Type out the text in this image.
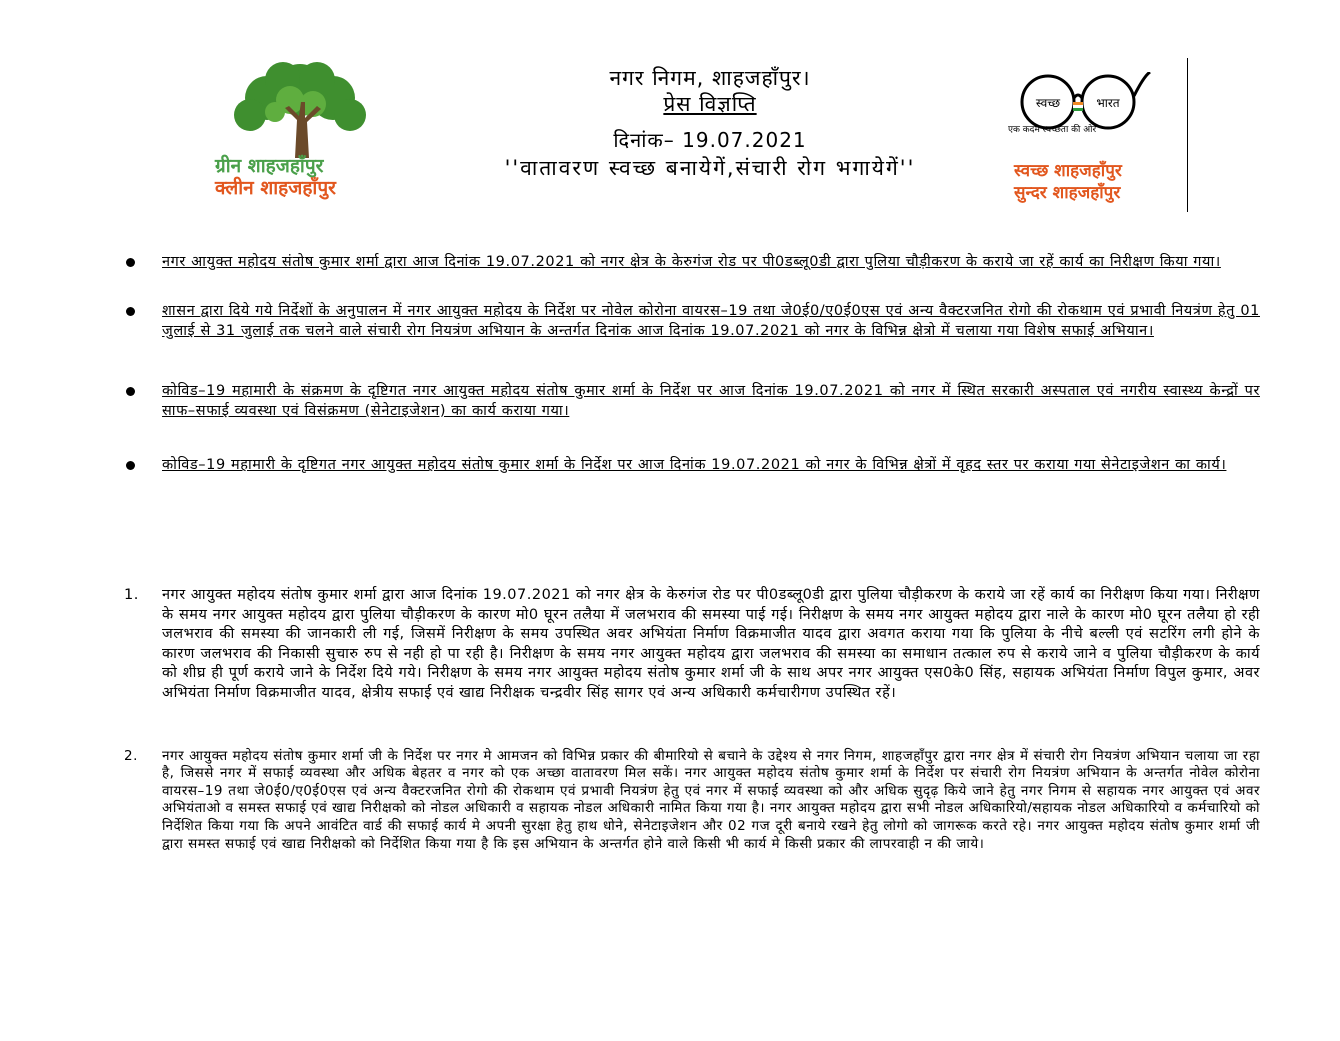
ग्रीन शाहजहाँपुर
क्लीन शाहजहाँपुर
नगर निगम, शाहजहाँपुर।
प्रेस विज्ञप्ति
दिनांक– 19.07.2021
''वातावरण स्वच्छ बनायेगें,संचारी रोग भगायेगें''
स्वच्छ	भारत
एक कदम स्वच्छता की ओर
स्वच्छ शाहजहाँपुर
सुन्दर शाहजहाँपुर
नगर आयुक्त महोदय संतोष कुमार शर्मा द्वारा आज दिनांक 19.07.2021 को नगर क्षेत्र के केरुगंज रोड पर पी0डब्लू0डी द्वारा पुलिया चौड़ीकरण के कराये जा रहें कार्य का निरीक्षण किया गया।
शासन द्वारा दिये गये निर्देशों के अनुपालन में नगर आयुक्त महोदय के निर्देश पर नोवेल कोरोना वायरस–19 तथा जे0ई0/ए0ई0एस एवं अन्य वैक्टरजनित रोगो की रोकथाम एवं प्रभावी नियत्रंण हेतु 01 जुलाई से 31 जुलाई तक चलने वाले संचारी रोग नियत्रंण अभियान के अन्तर्गत दिनांक आज दिनांक 19.07.2021 को नगर के विभिन्न क्षेत्रो में चलाया गया विशेष सफाई अभियान।
कोविड–19 महामारी के संक्रमण के दृष्टिगत नगर आयुक्त महोदय संतोष कुमार शर्मा के निर्देश पर आज दिनांक 19.07.2021 को नगर में स्थित सरकारी अस्पताल एवं नगरीय स्वास्थ्य केन्द्रों पर साफ–सफाई व्यवस्था एवं विसंक्रमण (सेनेटाइजेशन) का कार्य कराया गया।
कोविड–19 महामारी के दृष्टिगत नगर आयुक्त महोदय संतोष कुमार शर्मा के निर्देश पर आज दिनांक 19.07.2021 को नगर के विभिन्न क्षेत्रों में वृहद स्तर पर कराया गया सेनेटाइजेशन का कार्य।
1. नगर आयुक्त महोदय संतोष कुमार शर्मा द्वारा आज दिनांक 19.07.2021 को नगर क्षेत्र के केरुगंज रोड पर पी0डब्लू0डी द्वारा पुलिया चौड़ीकरण के कराये जा रहें कार्य का निरीक्षण किया गया। निरीक्षण के समय नगर आयुक्त महोदय द्वारा पुलिया चौड़ीकरण के कारण मो0 घूरन तलैया में जलभराव की समस्या पाई गई। निरीक्षण के समय नगर आयुक्त महोदय द्वारा नाले के कारण मो0 घूरन तलैया हो रही जलभराव की समस्या की जानकारी ली गई, जिसमें निरीक्षण के समय उपस्थित अवर अभियंता निर्माण विक्रमाजीत यादव द्वारा अवगत कराया गया कि पुलिया के नीचे बल्ली एवं सटरिंग लगी होने के कारण जलभराव की निकासी सुचारु रुप से नही हो पा रही है। निरीक्षण के समय नगर आयुक्त महोदय द्वारा जलभराव की समस्या का समाधान तत्काल रुप से कराये जाने व पुलिया चौड़ीकरण के कार्य को शीघ्र ही पूर्ण कराये जाने के निर्देश दिये गये। निरीक्षण के समय नगर आयुक्त महोदय संतोष कुमार शर्मा जी के साथ अपर नगर आयुक्त एस0के0 सिंह, सहायक अभियंता निर्माण विपुल कुमार, अवर अभियंता निर्माण विक्रमाजीत यादव, क्षेत्रीय सफाई एवं खाद्य निरीक्षक चन्द्रवीर सिंह सागर एवं अन्य अधिकारी कर्मचारीगण उपस्थित रहें।
2. नगर आयुक्त महोदय संतोष कुमार शर्मा जी के निर्देश पर नगर मे आमजन को विभिन्न प्रकार की बीमारियो से बचाने के उद्देश्य से नगर निगम, शाहजहाँपुर द्वारा नगर क्षेत्र में संचारी रोग नियत्रंण अभियान चलाया जा रहा है, जिससे नगर में सफाई व्यवस्था और अधिक बेहतर व नगर को एक अच्छा वातावरण मिल सकें। नगर आयुक्त महोदय संतोष कुमार शर्मा के निर्देश पर संचारी रोग नियत्रंण अभियान के अन्तर्गत नोवेल कोरोना वायरस–19 तथा जे0ई0/ए0ई0एस एवं अन्य वैक्टरजनित रोगो की रोकथाम एवं प्रभावी नियत्रंण हेतु एवं नगर में सफाई व्यवस्था को और अधिक सुदृढ़ किये जाने हेतु नगर निगम से सहायक नगर आयुक्त एवं अवर अभियंताओ व समस्त सफाई एवं खाद्य निरीक्षको को नोडल अधिकारी व सहायक नोडल अधिकारी नामित किया गया है। नगर आयुक्त महोदय द्वारा सभी नोडल अधिकारियो/सहायक नोडल अधिकारियो व कर्मचारियो को निर्देशित किया गया कि अपने आवंटित वार्ड की सफाई कार्य मे अपनी सुरक्षा हेतु हाथ धोने, सेनेटाइजेशन और 02 गज दूरी बनाये रखने हेतु लोगो को जागरूक करते रहे। नगर आयुक्त महोदय संतोष कुमार शर्मा जी द्वारा समस्त सफाई एवं खाद्य निरीक्षको को निर्देशित किया गया है कि इस अभियान के अन्तर्गत होने वाले किसी भी कार्य मे किसी प्रकार की लापरवाही न की जाये।
